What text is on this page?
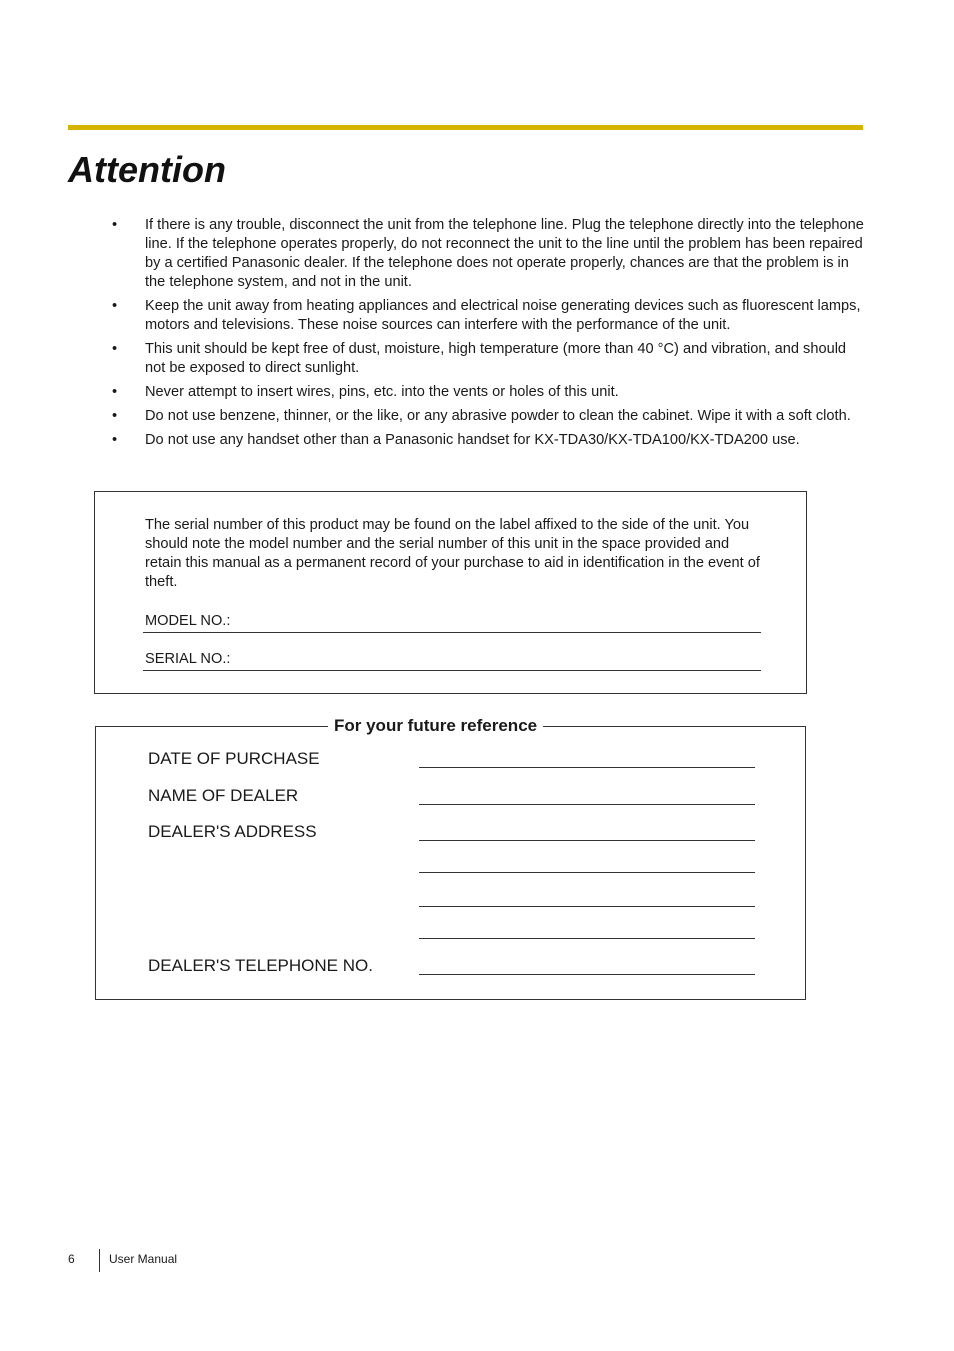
Attention
• If there is any trouble, disconnect the unit from the telephone line. Plug the telephone directly into the telephone line. If the telephone operates properly, do not reconnect the unit to the line until the problem has been repaired by a certified Panasonic dealer. If the telephone does not operate properly, chances are that the problem is in the telephone system, and not in the unit.
• Keep the unit away from heating appliances and electrical noise generating devices such as fluorescent lamps, motors and televisions. These noise sources can interfere with the performance of the unit.
• This unit should be kept free of dust, moisture, high temperature (more than 40 °C) and vibration, and should not be exposed to direct sunlight.
• Never attempt to insert wires, pins, etc. into the vents or holes of this unit.
• Do not use benzene, thinner, or the like, or any abrasive powder to clean the cabinet. Wipe it with a soft cloth.
• Do not use any handset other than a Panasonic handset for KX-TDA30/KX-TDA100/KX-TDA200 use.

The serial number of this product may be found on the label affixed to the side of the unit. You should note the model number and the serial number of this unit in the space provided and retain this manual as a permanent record of your purchase to aid in identification in the event of theft.

MODEL NO.:
SERIAL NO.:
For your future reference
DATE OF PURCHASE
NAME OF DEALER
DEALER'S ADDRESS
DEALER'S TELEPHONE NO.
6	User Manual
